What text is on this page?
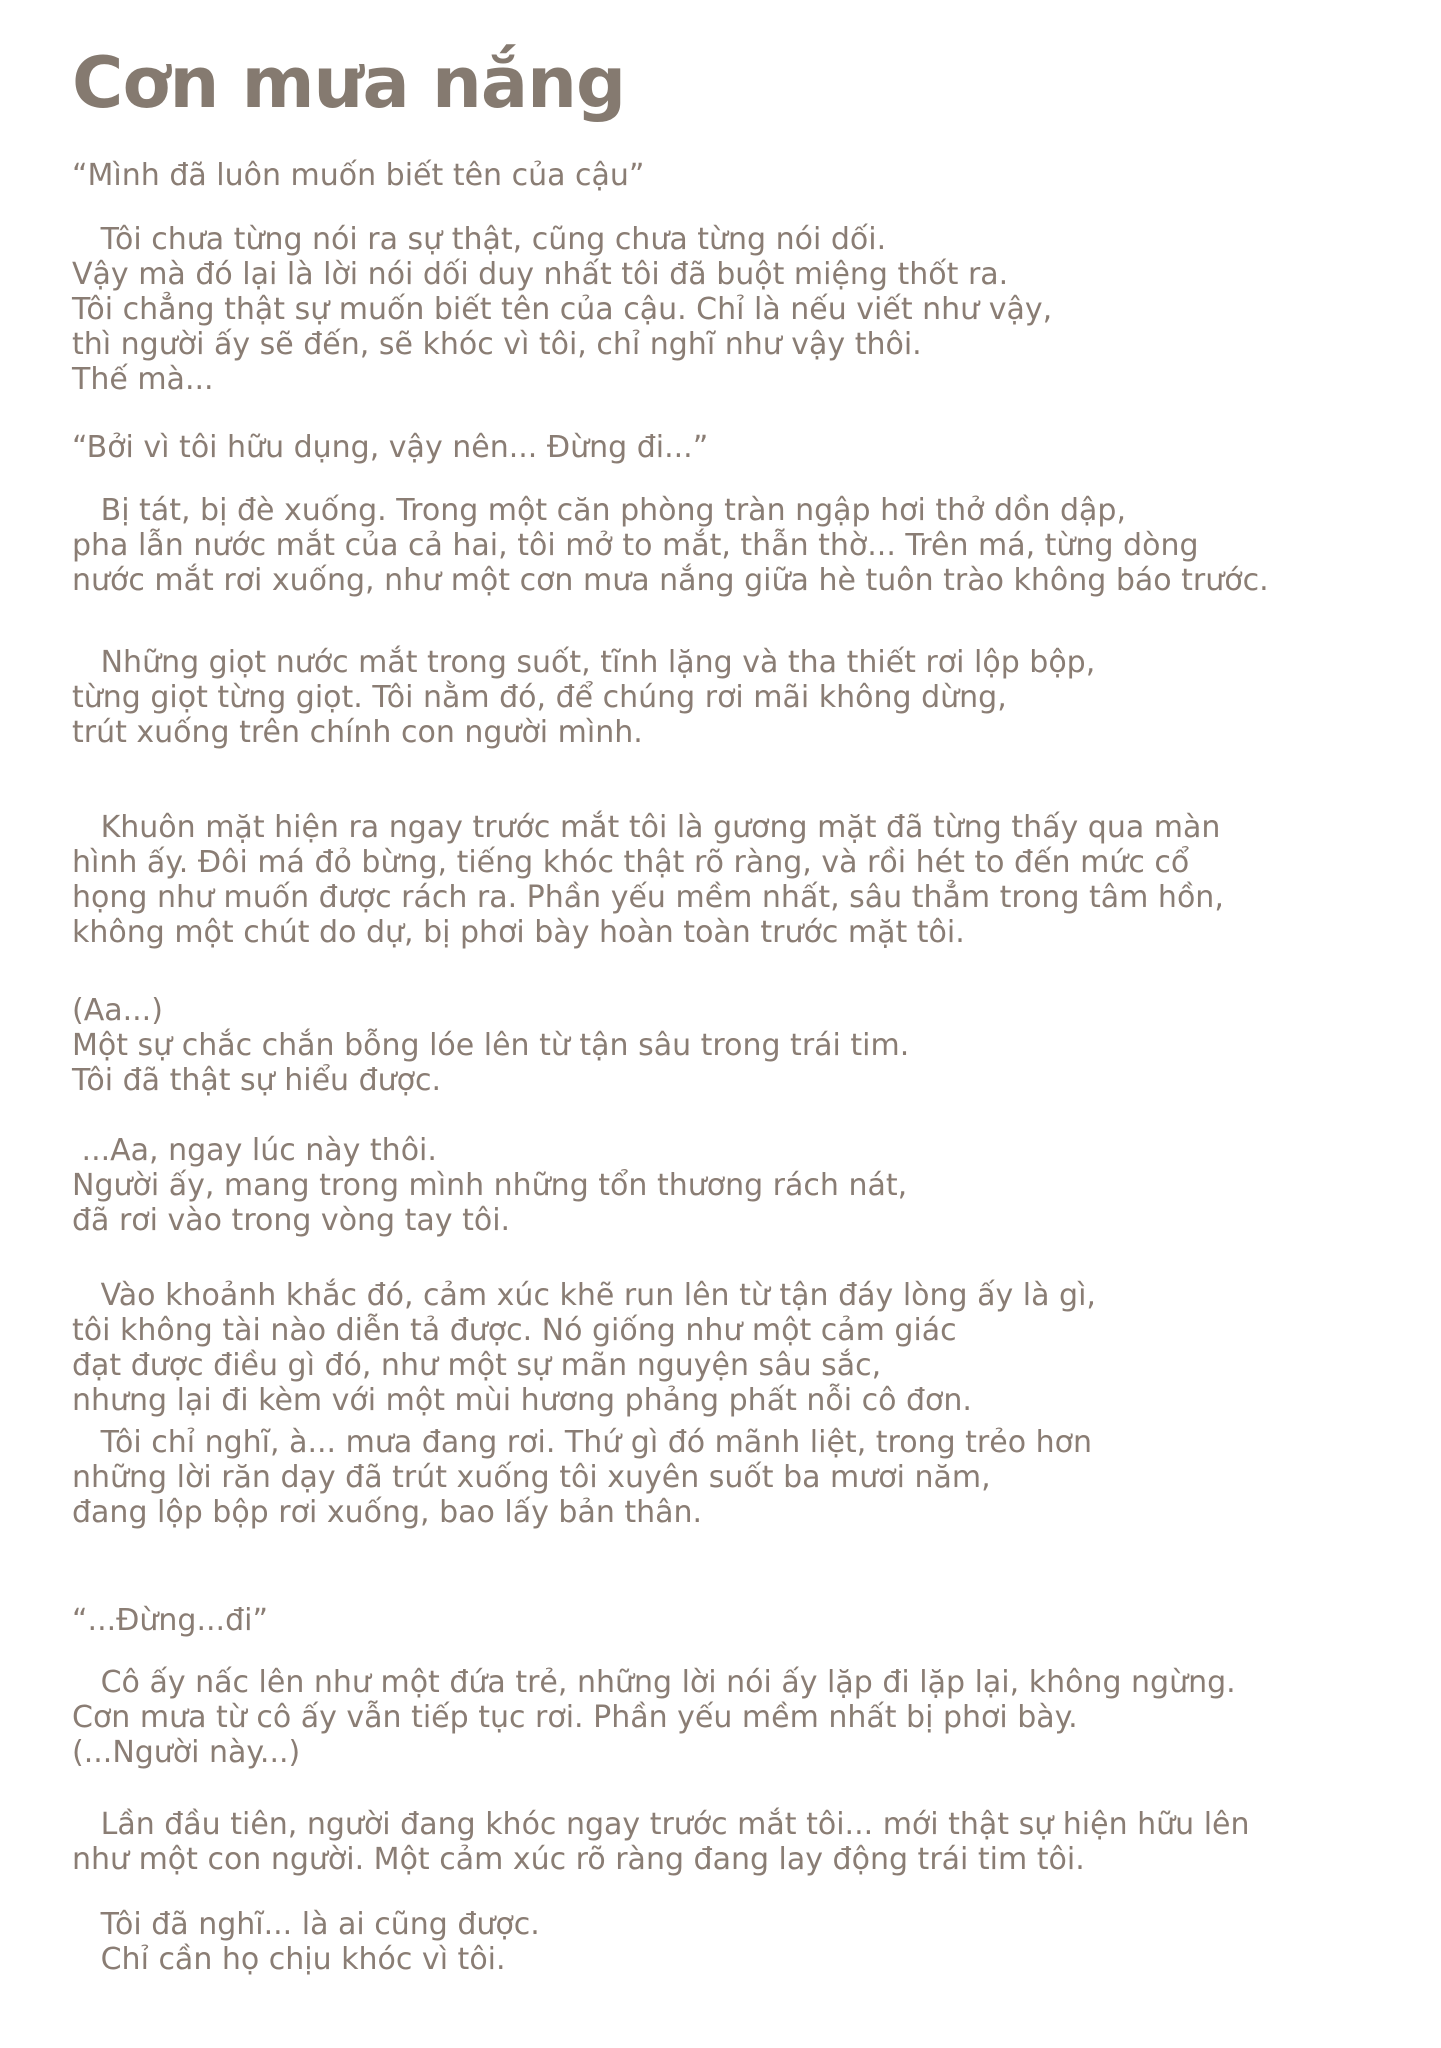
Cơn mưa nắng
“Mình đã luôn muốn biết tên của cậu”
Tôi chưa từng nói ra sự thật, cũng chưa từng nói dối.
Vậy mà đó lại là lời nói dối duy nhất tôi đã buột miệng thốt ra.
Tôi chẳng thật sự muốn biết tên của cậu. Chỉ là nếu viết như vậy,
thì người ấy sẽ đến, sẽ khóc vì tôi, chỉ nghĩ như vậy thôi.
Thế mà...
“Bởi vì tôi hữu dụng, vậy nên... Đừng đi...”
Bị tát, bị đè xuống. Trong một căn phòng tràn ngập hơi thở dồn dập,
pha lẫn nước mắt của cả hai, tôi mở to mắt, thẫn thờ... Trên má, từng dòng
nước mắt rơi xuống, như một cơn mưa nắng giữa hè tuôn trào không báo trước.
Những giọt nước mắt trong suốt, tĩnh lặng và tha thiết rơi lộp bộp,
từng giọt từng giọt. Tôi nằm đó, để chúng rơi mãi không dừng,
trút xuống trên chính con người mình.
Khuôn mặt hiện ra ngay trước mắt tôi là gương mặt đã từng thấy qua màn
hình ấy. Đôi má đỏ bừng, tiếng khóc thật rõ ràng, và rồi hét to đến mức cổ
họng như muốn được rách ra. Phần yếu mềm nhất, sâu thẳm trong tâm hồn,
không một chút do dự, bị phơi bày hoàn toàn trước mặt tôi.
(Aa...)
Một sự chắc chắn bỗng lóe lên từ tận sâu trong trái tim.
Tôi đã thật sự hiểu được.
...Aa, ngay lúc này thôi.
Người ấy, mang trong mình những tổn thương rách nát,
đã rơi vào trong vòng tay tôi.
Vào khoảnh khắc đó, cảm xúc khẽ run lên từ tận đáy lòng ấy là gì,
tôi không tài nào diễn tả được. Nó giống như một cảm giác
đạt được điều gì đó, như một sự mãn nguyện sâu sắc,
nhưng lại đi kèm với một mùi hương phảng phất nỗi cô đơn.
Tôi chỉ nghĩ, à... mưa đang rơi. Thứ gì đó mãnh liệt, trong trẻo hơn
những lời răn dạy đã trút xuống tôi xuyên suốt ba mươi năm,
đang lộp bộp rơi xuống, bao lấy bản thân.
“...Đừng...đi”
Cô ấy nấc lên như một đứa trẻ, những lời nói ấy lặp đi lặp lại, không ngừng.
Cơn mưa từ cô ấy vẫn tiếp tục rơi. Phần yếu mềm nhất bị phơi bày.
(...Người này...)
Lần đầu tiên, người đang khóc ngay trước mắt tôi... mới thật sự hiện hữu lên
như một con người. Một cảm xúc rõ ràng đang lay động trái tim tôi.
Tôi đã nghĩ... là ai cũng được.
Chỉ cần họ chịu khóc vì tôi.
